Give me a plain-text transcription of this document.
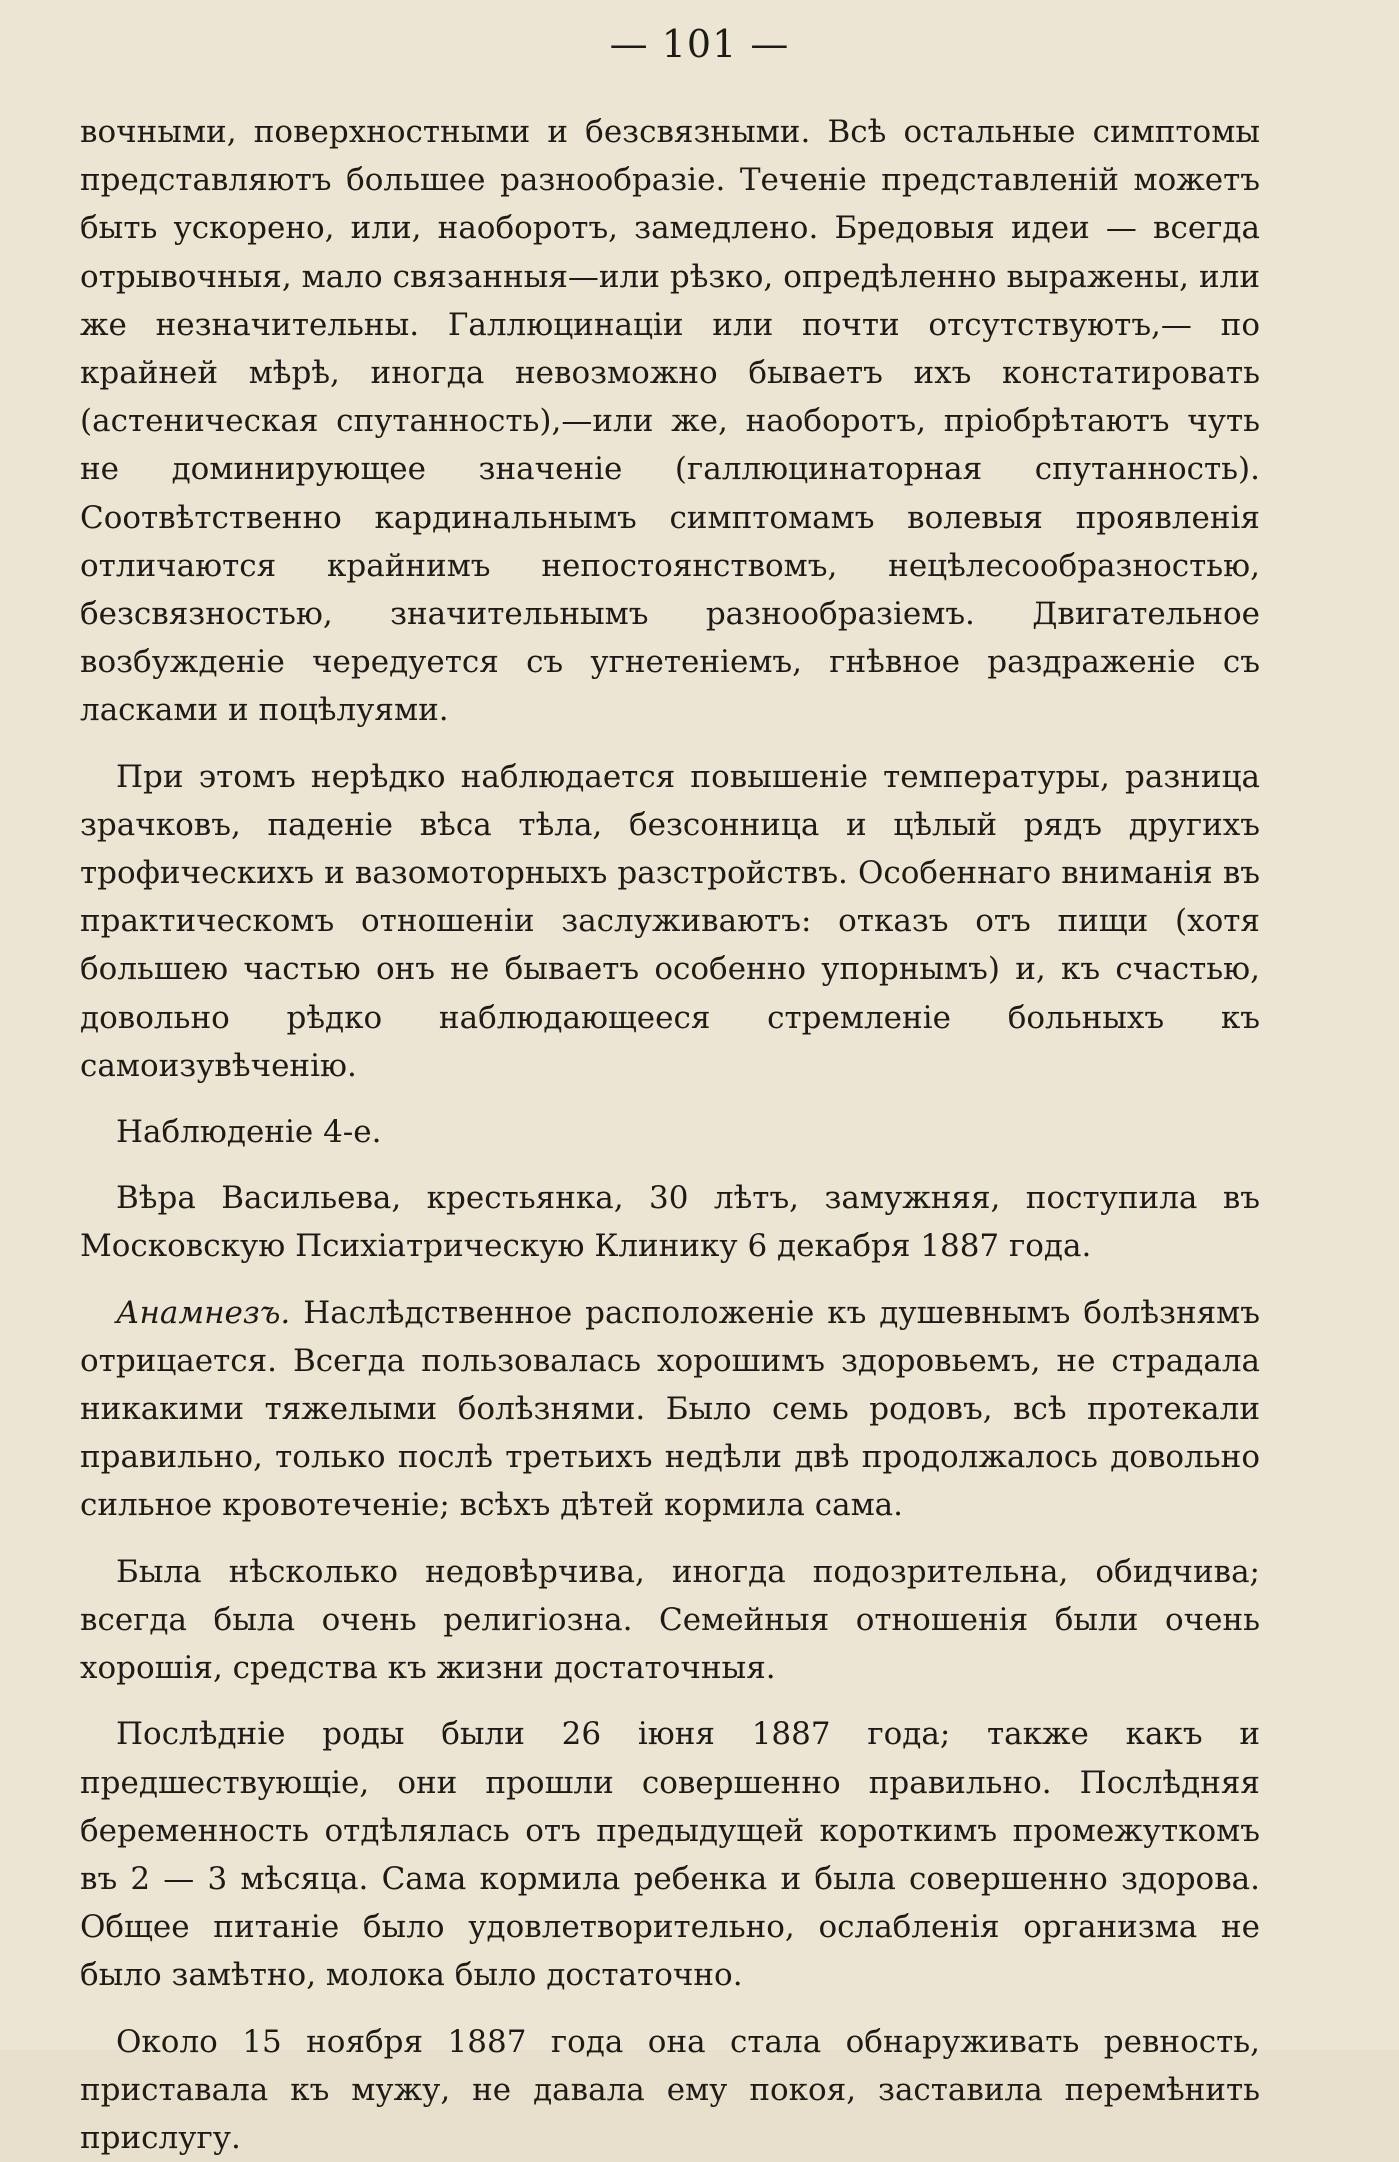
— 101 —

вочными, поверхностными и безсвязными. Всѣ остальные симптомы представляютъ большее разнообразіе. Теченіе представленій можетъ быть ускорено, или, наоборотъ, замедлено. Бредовыя идеи — всегда отрывочныя, мало связанныя—или рѣзко, опредѣленно выражены, или же незначительны. Галлюцинаціи или почти отсутствуютъ,— по крайней мѣрѣ, иногда невозможно бываетъ ихъ констатировать (астеническая спутанность),—или же, наоборотъ, пріобрѣтаютъ чуть не доминирующее значеніе (галлюцинаторная спутанность). Соотвѣтственно кардинальнымъ симптомамъ волевыя проявленія отличаются крайнимъ непостоянствомъ, нецѣлесообразностью, безсвязностью, значительнымъ разнообразіемъ. Двигательное возбужденіе чередуется съ угнетеніемъ, гнѣвное раздраженіе съ ласками и поцѣлуями.

При этомъ нерѣдко наблюдается повышеніе температуры, разница зрачковъ, паденіе вѣса тѣла, безсонница и цѣлый рядъ другихъ трофическихъ и вазомоторныхъ разстройствъ. Особеннаго вниманія въ практическомъ отношеніи заслуживаютъ: отказъ отъ пищи (хотя большею частью онъ не бываетъ особенно упорнымъ) и, къ счастью, довольно рѣдко наблюдающееся стремленіе больныхъ къ самоизувѣченію.

Наблюденіе 4-е.

Вѣра Васильева, крестьянка, 30 лѣтъ, замужняя, поступила въ Московскую Психіатрическую Клинику 6 декабря 1887 года.

Анамнезъ. Наслѣдственное расположеніе къ душевнымъ болѣзнямъ отрицается. Всегда пользовалась хорошимъ здоровьемъ, не страдала никакими тяжелыми болѣзнями. Было семь родовъ, всѣ протекали правильно, только послѣ третьихъ недѣли двѣ продолжалось довольно сильное кровотеченіе; всѣхъ дѣтей кормила сама.

Была нѣсколько недовѣрчива, иногда подозрительна, обидчива; всегда была очень религіозна. Семейныя отношенія были очень хорошія, средства къ жизни достаточныя.

Послѣдніе роды были 26 іюня 1887 года; также какъ и предшествующіе, они прошли совершенно правильно. Послѣдняя беременность отдѣлялась отъ предыдущей короткимъ промежуткомъ въ 2 — 3 мѣсяца. Сама кормила ребенка и была совершенно здорова. Общее питаніе было удовлетворительно, ослабленія организма не было замѣтно, молока было достаточно.

Около 15 ноября 1887 года она стала обнаруживать ревность, приставала къ мужу, не давала ему покоя, заставила перемѣнить прислугу.
